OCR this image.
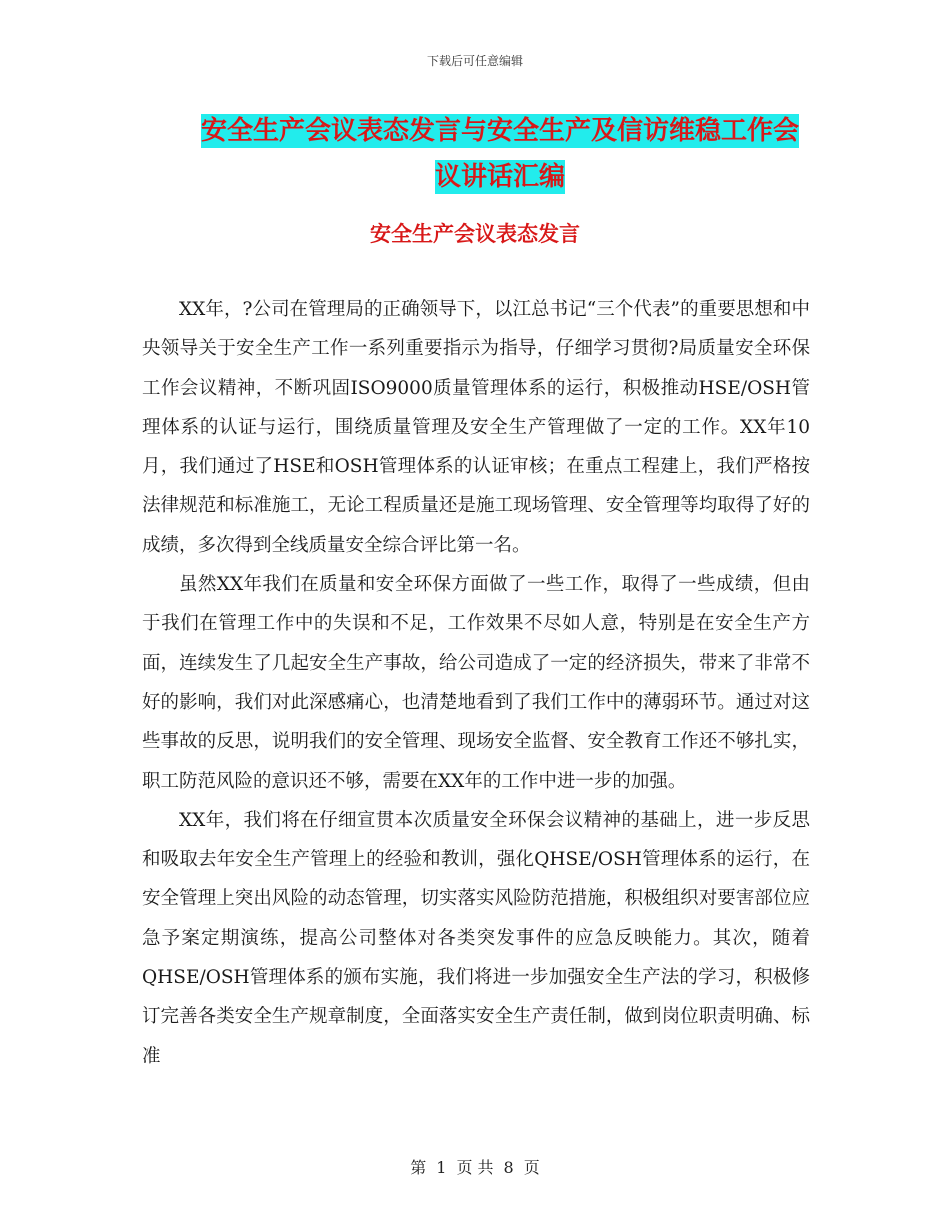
下载后可任意编辑
安全生产会议表态发言与安全生产及信访维稳工作会
议讲话汇编
安全生产会议表态发言

XX年，?公司在管理局的正确领导下，以江总书记“三个代表”的重要思想和中央领导关于安全生产工作一系列重要指示为指导，仔细学习贯彻?局质量安全环保工作会议精神，不断巩固ISO9000质量管理体系的运行，积极推动HSE/OSH管理体系的认证与运行，围绕质量管理及安全生产管理做了一定的工作。XX年10月，我们通过了HSE和OSH管理体系的认证审核；在重点工程建上，我们严格按法律规范和标准施工，无论工程质量还是施工现场管理、安全管理等均取得了好的成绩，多次得到全线质量安全综合评比第一名。

虽然XX年我们在质量和安全环保方面做了一些工作，取得了一些成绩，但由于我们在管理工作中的失误和不足，工作效果不尽如人意，特别是在安全生产方面，连续发生了几起安全生产事故，给公司造成了一定的经济损失，带来了非常不好的影响，我们对此深感痛心，也清楚地看到了我们工作中的薄弱环节。通过对这些事故的反思，说明我们的安全管理、现场安全监督、安全教育工作还不够扎实，职工防范风险的意识还不够，需要在XX年的工作中进一步的加强。

XX年，我们将在仔细宣贯本次质量安全环保会议精神的基础上，进一步反思和吸取去年安全生产管理上的经验和教训，强化QHSE/OSH管理体系的运行，在安全管理上突出风险的动态管理，切实落实风险防范措施，积极组织对要害部位应急予案定期演练，提高公司整体对各类突发事件的应急反映能力。其次，随着QHSE/OSH管理体系的颁布实施，我们将进一步加强安全生产法的学习，积极修订完善各类安全生产规章制度，全面落实安全生产责任制，做到岗位职责明确、标准

第 1 页 共 8 页
